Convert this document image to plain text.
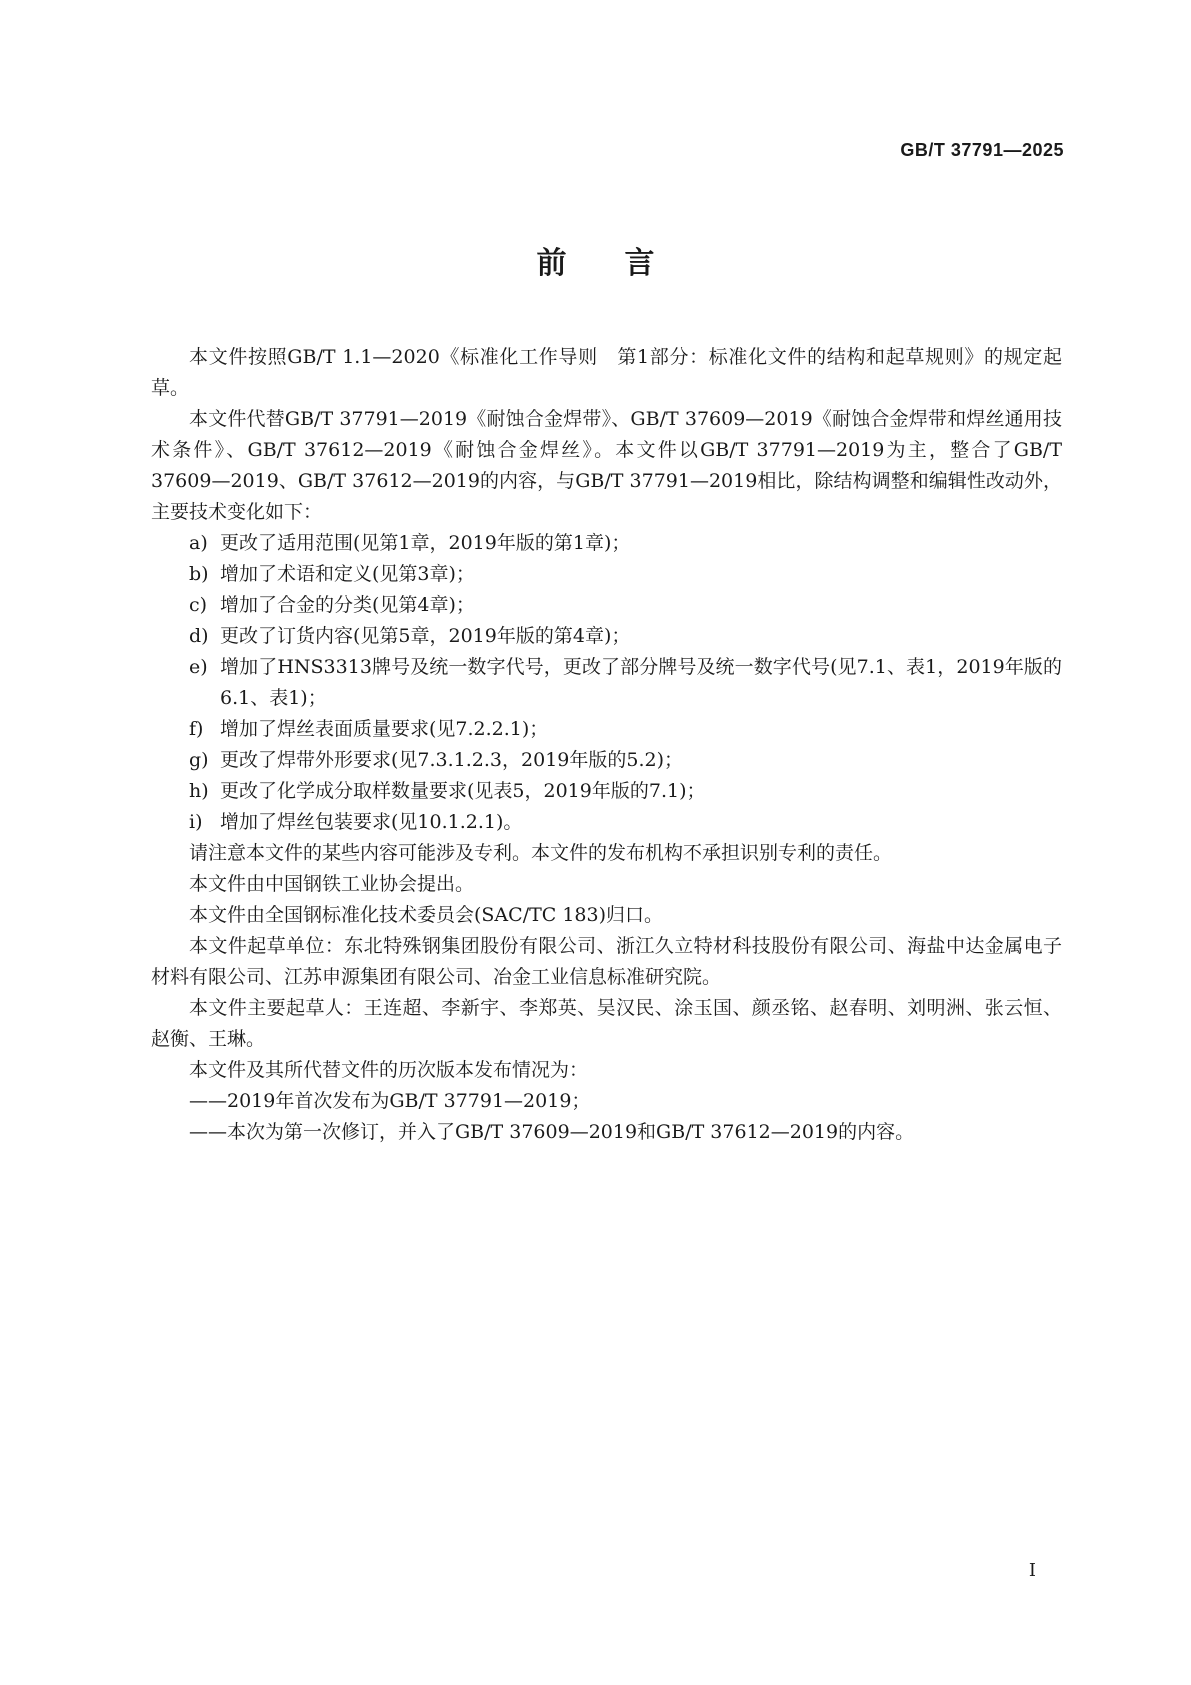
GB/T 37791—2025
前言

本文件按照GB/T 1.1—2020《标准化工作导则　第1部分：标准化文件的结构和起草规则》的规定起草。

本文件代替GB/T 37791—2019《耐蚀合金焊带》、GB/T 37609—2019《耐蚀合金焊带和焊丝通用技术条件》、GB/T 37612—2019《耐蚀合金焊丝》。本文件以GB/T 37791—2019为主，整合了GB/T 37609—2019、GB/T 37612—2019的内容，与GB/T 37791—2019相比，除结构调整和编辑性改动外，主要技术变化如下：

a) 更改了适用范围(见第1章，2019年版的第1章)；
b) 增加了术语和定义(见第3章)；
c) 增加了合金的分类(见第4章)；
d) 更改了订货内容(见第5章，2019年版的第4章)；
e) 增加了HNS3313牌号及统一数字代号，更改了部分牌号及统一数字代号(见7.1、表1，2019年版的6.1、表1)；
f) 增加了焊丝表面质量要求(见7.2.2.1)；
g) 更改了焊带外形要求(见7.3.1.2.3，2019年版的5.2)；
h) 更改了化学成分取样数量要求(见表5，2019年版的7.1)；
i) 增加了焊丝包装要求(见10.1.2.1)。

请注意本文件的某些内容可能涉及专利。本文件的发布机构不承担识别专利的责任。

本文件由中国钢铁工业协会提出。

本文件由全国钢标准化技术委员会(SAC/TC 183)归口。

本文件起草单位：东北特殊钢集团股份有限公司、浙江久立特材科技股份有限公司、海盐中达金属电子材料有限公司、江苏申源集团有限公司、冶金工业信息标准研究院。

本文件主要起草人：王连超、李新宇、李郑英、吴汉民、涂玉国、颜丞铭、赵春明、刘明洲、张云恒、赵衡、王琳。

本文件及其所代替文件的历次版本发布情况为：

——2019年首次发布为GB/T 37791—2019；

——本次为第一次修订，并入了GB/T 37609—2019和GB/T 37612—2019的内容。

I
